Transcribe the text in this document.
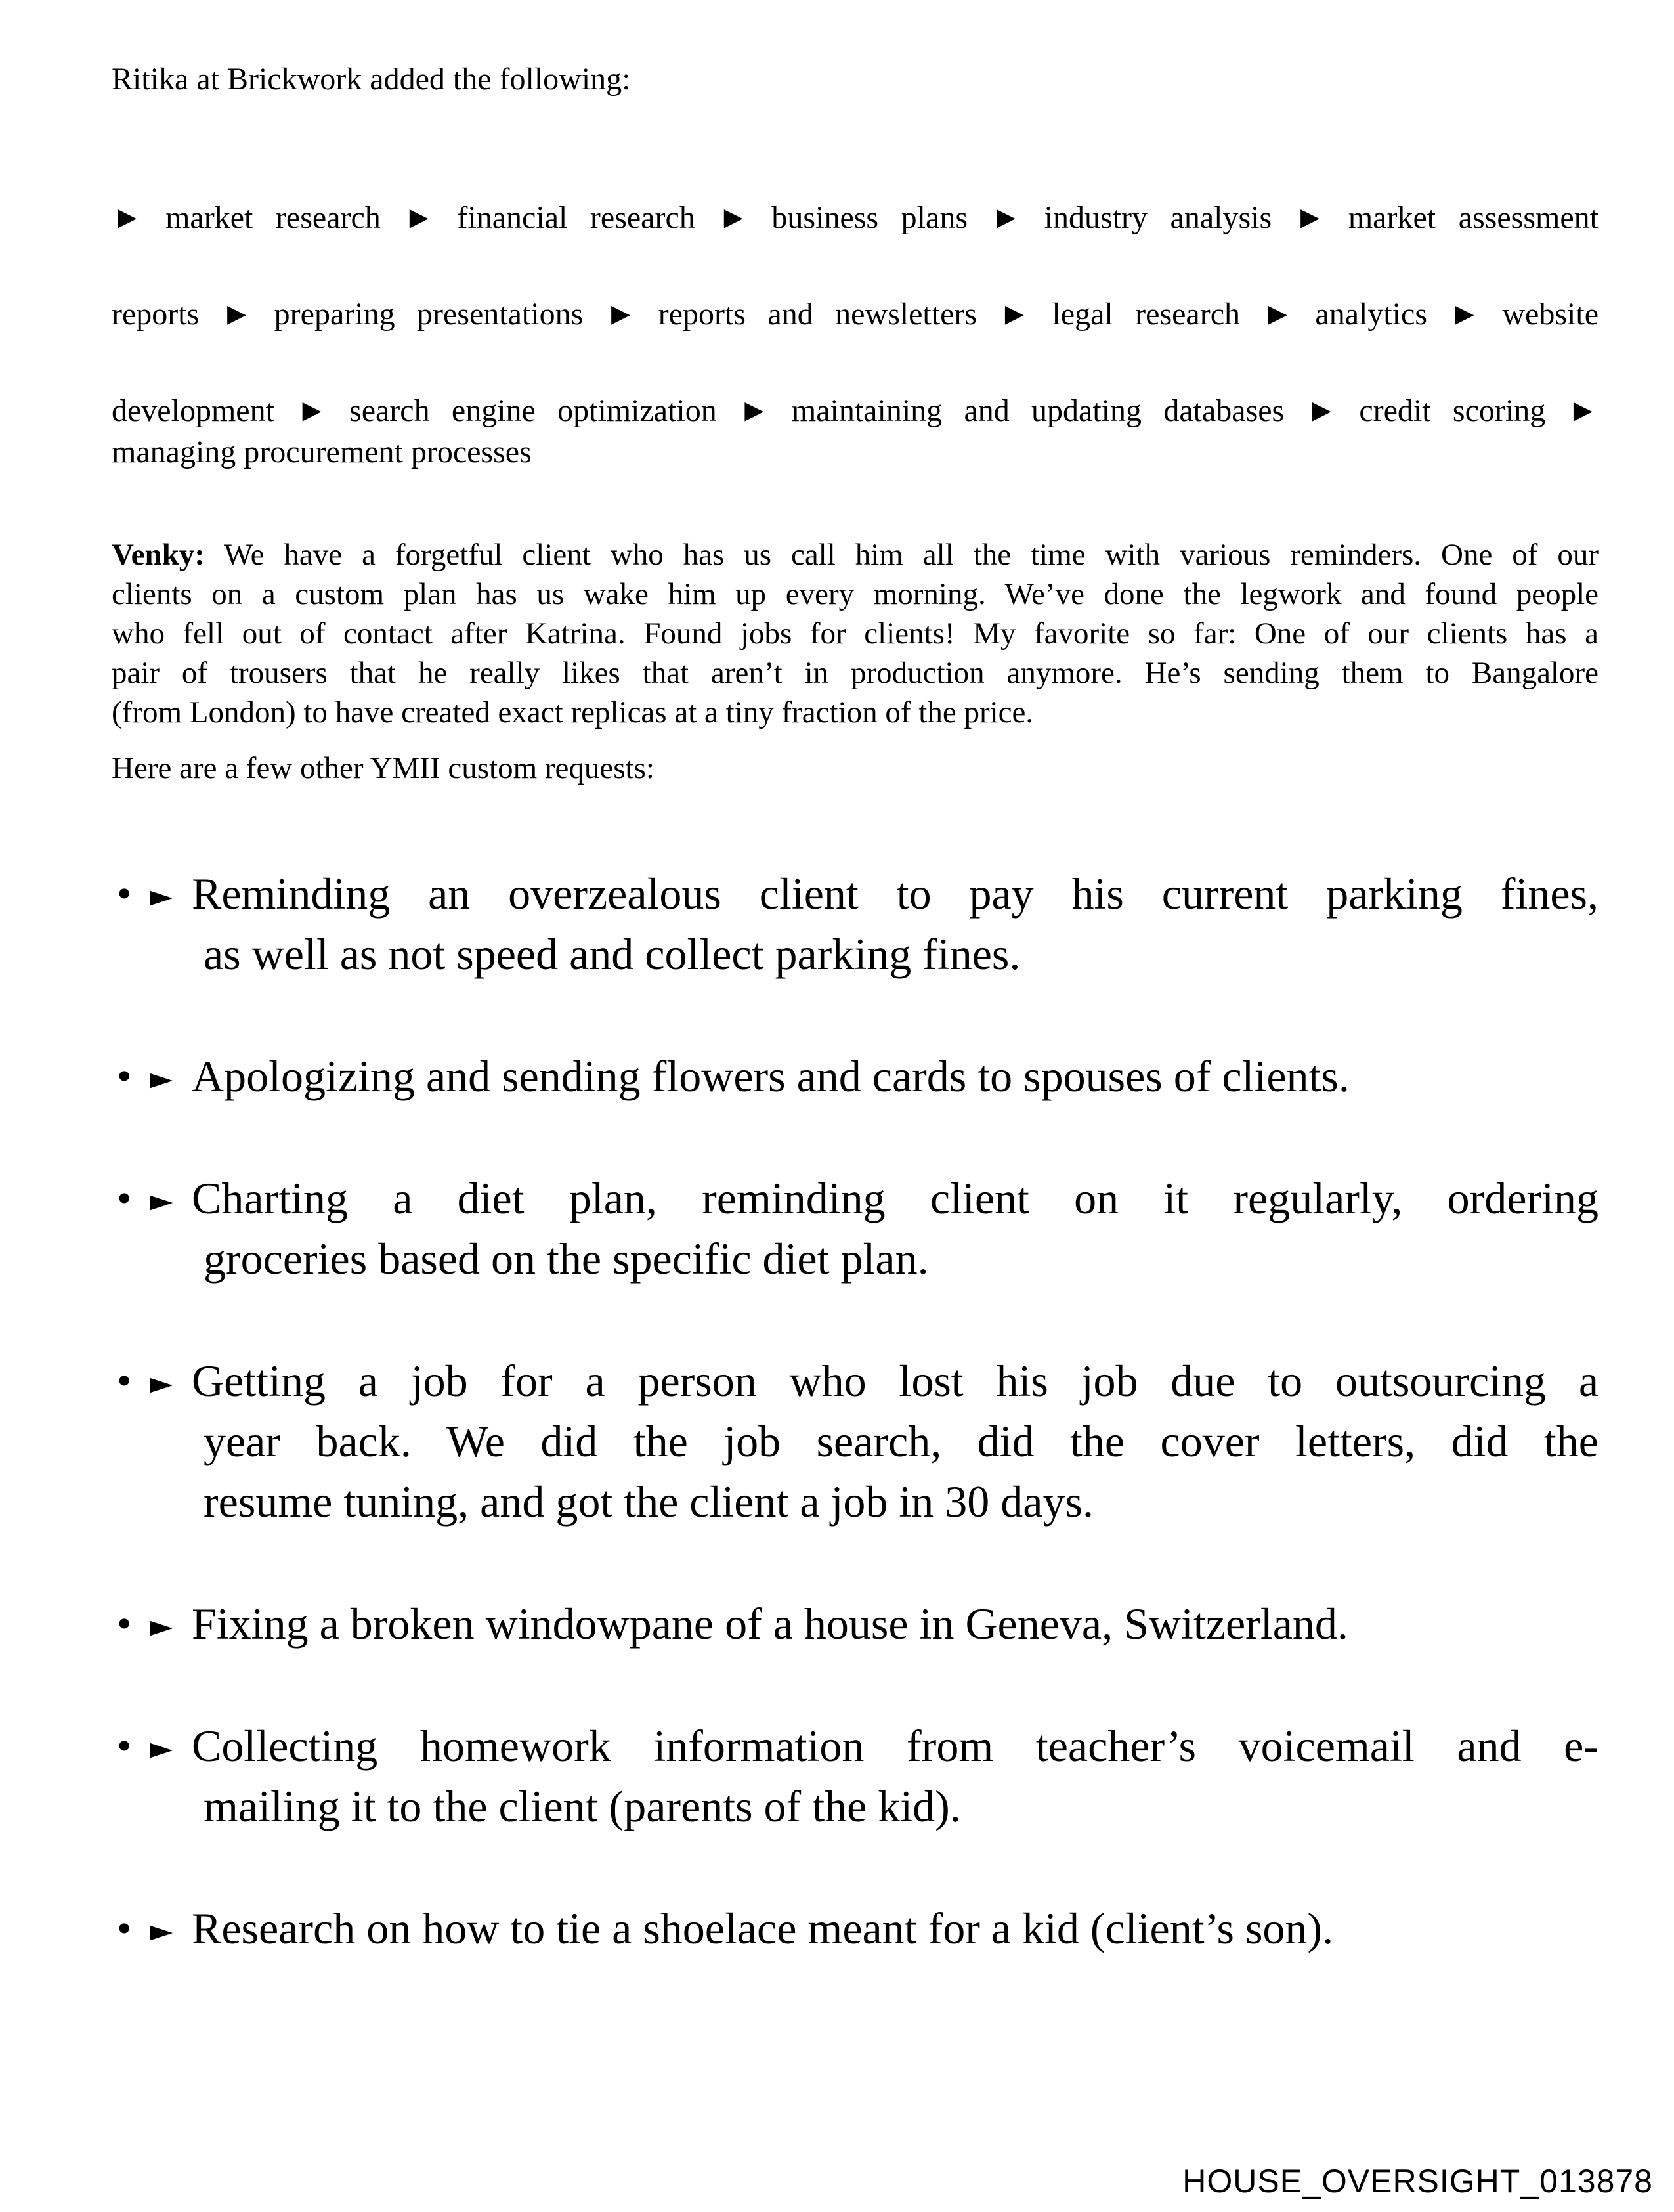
Ritika at Brickwork added the following:
► market research ► financial research ► business plans ► industry analysis ► market assessment
reports ► preparing presentations ► reports and newsletters ► legal research ► analytics ► website
development ► search engine optimization ► maintaining and updating databases ► credit scoring ►
managing procurement processes
Venky: We have a forgetful client who has us call him all the time with various reminders. One of our
clients on a custom plan has us wake him up every morning. We’ve done the legwork and found people
who fell out of contact after Katrina. Found jobs for clients! My favorite so far: One of our clients has a
pair of trousers that he really likes that aren’t in production anymore. He’s sending them to Bangalore
(from London) to have created exact replicas at a tiny fraction of the price.
Here are a few other YMII custom requests:
• ► Reminding an overzealous client to pay his current parking fines,
as well as not speed and collect parking fines.
• ► Apologizing and sending flowers and cards to spouses of clients.
• ► Charting a diet plan, reminding client on it regularly, ordering
groceries based on the specific diet plan.
• ► Getting a job for a person who lost his job due to outsourcing a
year back. We did the job search, did the cover letters, did the
resume tuning, and got the client a job in 30 days.
• ► Fixing a broken windowpane of a house in Geneva, Switzerland.
• ► Collecting homework information from teacher’s voicemail and e-
mailing it to the client (parents of the kid).
• ► Research on how to tie a shoelace meant for a kid (client’s son).
HOUSE_OVERSIGHT_013878
